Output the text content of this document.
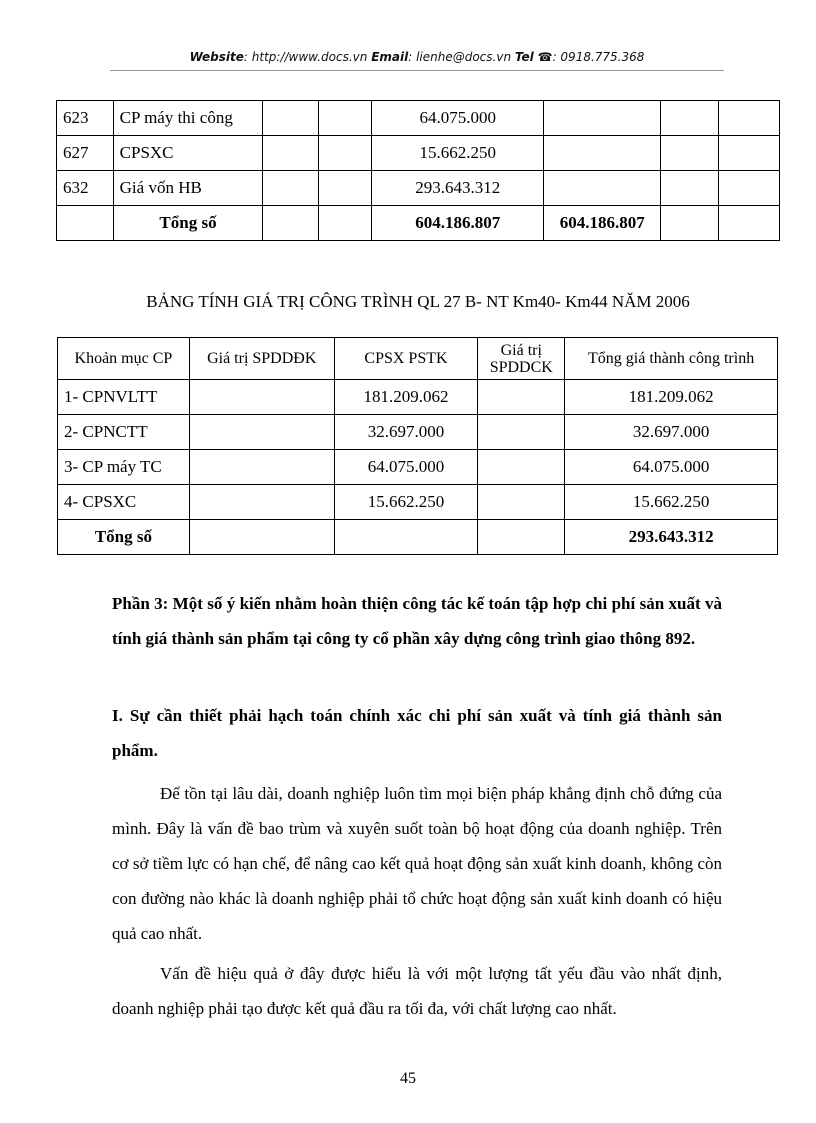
Website: http://www.docs.vn Email: lienhe@docs.vn Tel ☎: 0918.775.368
623	CP máy thi công			64.075.000			
627	CPSXC			15.662.250			
632	Giá vốn HB			293.643.312			
	Tổng số			604.186.807	604.186.807		
BẢNG TÍNH GIÁ TRỊ CÔNG TRÌNH QL 27 B- NT Km40- Km44 NĂM 2006
Khoản mục CP	Giá trị SPDDĐK	CPSX PSTK	Giá trị SPDDCK	Tổng giá thành công trình
1- CPNVLTT		181.209.062		181.209.062
2- CPNCTT		32.697.000		32.697.000
3- CP máy TC		64.075.000		64.075.000
4- CPSXC		15.662.250		15.662.250
Tổng số				293.643.312
Phần 3: Một số ý kiến nhằm hoàn thiện công tác kế toán tập hợp chi phí sản xuất và tính giá thành sản phẩm tại công ty cổ phần xây dựng công trình giao thông 892.
I. Sự cần thiết phải hạch toán chính xác chi phí sản xuất và tính giá thành sản phẩm.
Để tồn tại lâu dài, doanh nghiệp luôn tìm mọi biện pháp khẳng định chỗ đứng của mình. Đây là vấn đề bao trùm và xuyên suốt toàn bộ hoạt động của doanh nghiệp. Trên cơ sở tiềm lực có hạn chế, để nâng cao kết quả hoạt động sản xuất kinh doanh, không còn con đường nào khác là doanh nghiệp phải tổ chức hoạt động sản xuất kinh doanh có hiệu quả cao nhất.
Vấn đề hiệu quả ở đây được hiểu là với một lượng tất yếu đầu vào nhất định, doanh nghiệp phải tạo được kết quả đầu ra tối đa, với chất lượng cao nhất.
45
